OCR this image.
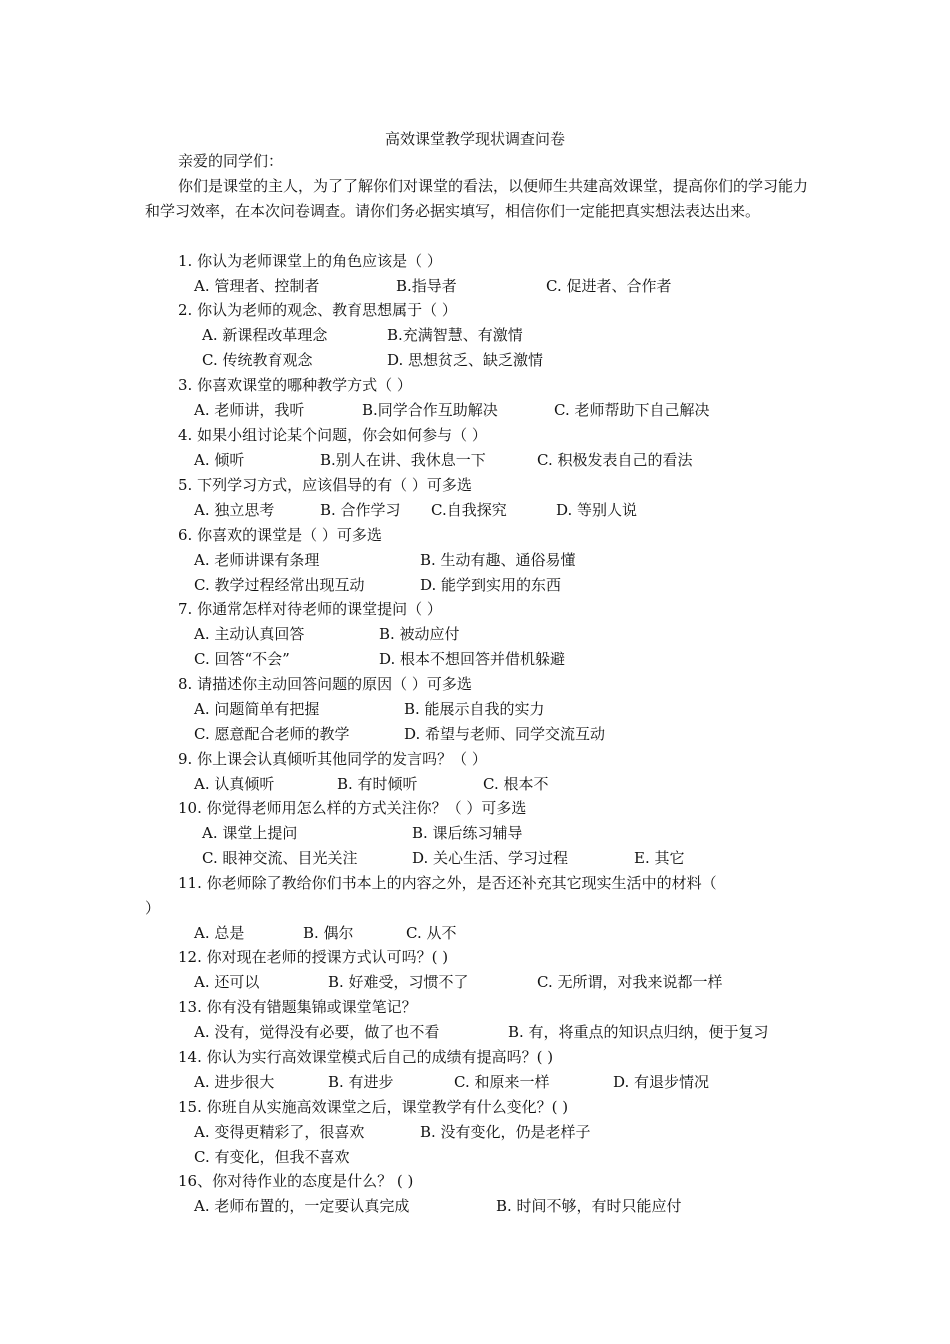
高效课堂教学现状调查问卷
亲爱的同学们：
你们是课堂的主人，为了了解你们对课堂的看法，以便师生共建高效课堂，提高你们的学习能力和学习效率，在本次问卷调查。请你们务必据实填写，相信你们一定能把真实想法表达出来。
1. 你认为老师课堂上的角色应该是（ ）
A. 管理者、控制者	B.指导者	C. 促进者、合作者
2. 你认为老师的观念、教育思想属于（ ）
A. 新课程改革理念	B.充满智慧、有激情
C. 传统教育观念	D. 思想贫乏、缺乏激情
3. 你喜欢课堂的哪种教学方式（ ）
A. 老师讲，我听	B.同学合作互助解决	C. 老师帮助下自己解决
4. 如果小组讨论某个问题，你会如何参与（ ）
A. 倾听	B.别人在讲、我休息一下	C. 积极发表自己的看法
5. 下列学习方式，应该倡导的有（ ）可多选
A. 独立思考	B. 合作学习 C.自我探究	D. 等别人说
6. 你喜欢的课堂是（ ）可多选
A. 老师讲课有条理	B. 生动有趣、通俗易懂
C. 教学过程经常出现互动	D. 能学到实用的东西
7. 你通常怎样对待老师的课堂提问（ ）
A. 主动认真回答	B. 被动应付
C. 回答“不会”	D. 根本不想回答并借机躲避
8. 请描述你主动回答问题的原因（ ）可多选
A. 问题简单有把握	B. 能展示自我的实力
C. 愿意配合老师的教学	D. 希望与老师、同学交流互动
9. 你上课会认真倾听其他同学的发言吗？（ ）
A. 认真倾听	B. 有时倾听	C. 根本不
10. 你觉得老师用怎么样的方式关注你？（ ）可多选
A. 课堂上提问	B. 课后练习辅导
C. 眼神交流、目光关注	D. 关心生活、学习过程	E. 其它
11. 你老师除了教给你们书本上的内容之外，是否还补充其它现实生活中的材料（
）
A. 总是	B. 偶尔	C. 从不
12. 你对现在老师的授课方式认可吗？( )
A. 还可以	B. 好难受，习惯不了	C. 无所谓，对我来说都一样
13. 你有没有错题集锦或课堂笔记？
A. 没有，觉得没有必要，做了也不看	B. 有，将重点的知识点归纳，便于复习
14. 你认为实行高效课堂模式后自己的成绩有提高吗？( )
A. 进步很大	B. 有进步	C. 和原来一样	D. 有退步情况
15. 你班自从实施高效课堂之后，课堂教学有什么变化？( )
A. 变得更精彩了，很喜欢	B. 没有变化，仍是老样子
C. 有变化，但我不喜欢
16、你对待作业的态度是什么？ ( )
A. 老师布置的，一定要认真完成	B. 时间不够，有时只能应付
